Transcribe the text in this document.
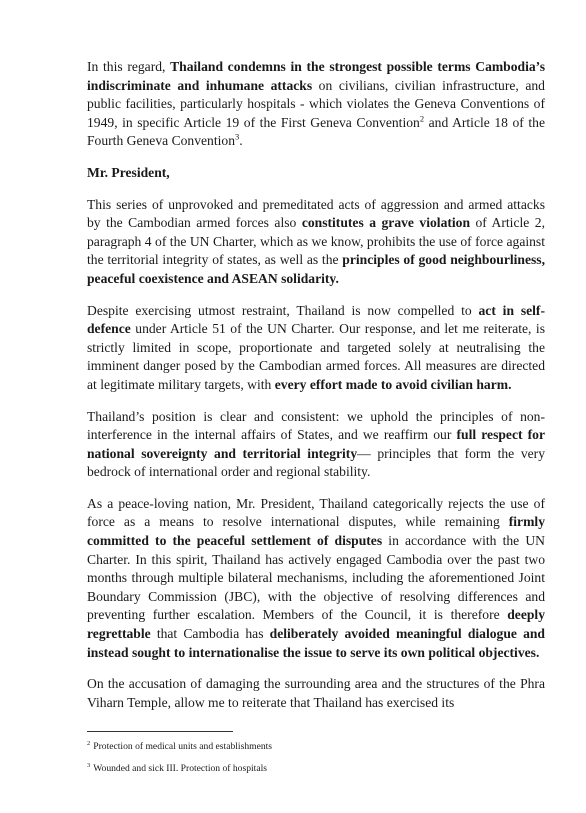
In this regard, Thailand condemns in the strongest possible terms Cambodia’s indiscriminate and inhumane attacks on civilians, civilian infrastructure, and public facilities, particularly hospitals - which violates the Geneva Conventions of 1949, in specific Article 19 of the First Geneva Convention$^2$ and Article 18 of the Fourth Geneva Convention$^3$.

Mr. President,

This series of unprovoked and premeditated acts of aggression and armed attacks by the Cambodian armed forces also constitutes a grave violation of Article 2, paragraph 4 of the UN Charter, which as we know, prohibits the use of force against the territorial integrity of states, as well as the principles of good neighbourliness, peaceful coexistence and ASEAN solidarity.

Despite exercising utmost restraint, Thailand is now compelled to act in self-defence under Article 51 of the UN Charter. Our response, and let me reiterate, is strictly limited in scope, proportionate and targeted solely at neutralising the imminent danger posed by the Cambodian armed forces. All measures are directed at legitimate military targets, with every effort made to avoid civilian harm.

Thailand’s position is clear and consistent: we uphold the principles of non-interference in the internal affairs of States, and we reaffirm our full respect for national sovereignty and territorial integrity— principles that form the very bedrock of international order and regional stability.

As a peace-loving nation, Mr. President, Thailand categorically rejects the use of force as a means to resolve international disputes, while remaining firmly committed to the peaceful settlement of disputes in accordance with the UN Charter. In this spirit, Thailand has actively engaged Cambodia over the past two months through multiple bilateral mechanisms, including the aforementioned Joint Boundary Commission (JBC), with the objective of resolving differences and preventing further escalation. Members of the Council, it is therefore deeply regrettable that Cambodia has deliberately avoided meaningful dialogue and instead sought to internationalise the issue to serve its own political objectives.

On the accusation of damaging the surrounding area and the structures of the Phra Viharn Temple, allow me to reiterate that Thailand has exercised its

$^2$ Protection of medical units and establishments
$^3$ Wounded and sick III. Protection of hospitals
